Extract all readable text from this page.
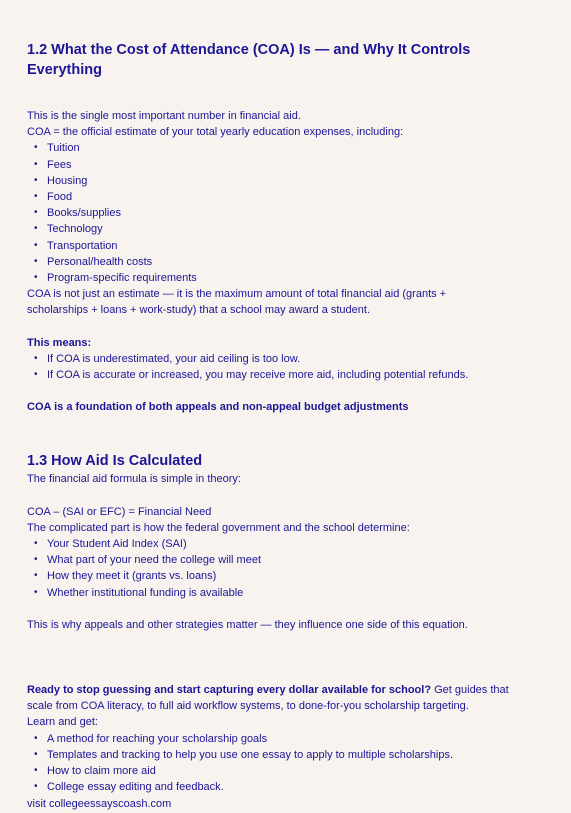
1.2 What the Cost of Attendance (COA) Is — and Why It Controls
Everything
This is the single most important number in financial aid.
COA = the official estimate of your total yearly education expenses, including:
• Tuition
• Fees
• Housing
• Food
• Books/supplies
• Technology
• Transportation
• Personal/health costs
• Program-specific requirements
COA is not just an estimate — it is the maximum amount of total financial aid (grants +
scholarships + loans + work-study) that a school may award a student.
This means:
• If COA is underestimated, your aid ceiling is too low.
• If COA is accurate or increased, you may receive more aid, including potential refunds.
COA is a foundation of both appeals and non-appeal budget adjustments
1.3 How Aid Is Calculated
The financial aid formula is simple in theory:
COA – (SAI or EFC) = Financial Need
The complicated part is how the federal government and the school determine:
• Your Student Aid Index (SAI)
• What part of your need the college will meet
• How they meet it (grants vs. loans)
• Whether institutional funding is available
This is why appeals and other strategies matter — they influence one side of this equation.
Ready to stop guessing and start capturing every dollar available for school? Get guides that
scale from COA literacy, to full aid workflow systems, to done-for-you scholarship targeting.
Learn and get:
• A method for reaching your scholarship goals
• Templates and tracking to help you use one essay to apply to multiple scholarships.
• How to claim more aid
• College essay editing and feedback.
visit collegeessayscoash.com
